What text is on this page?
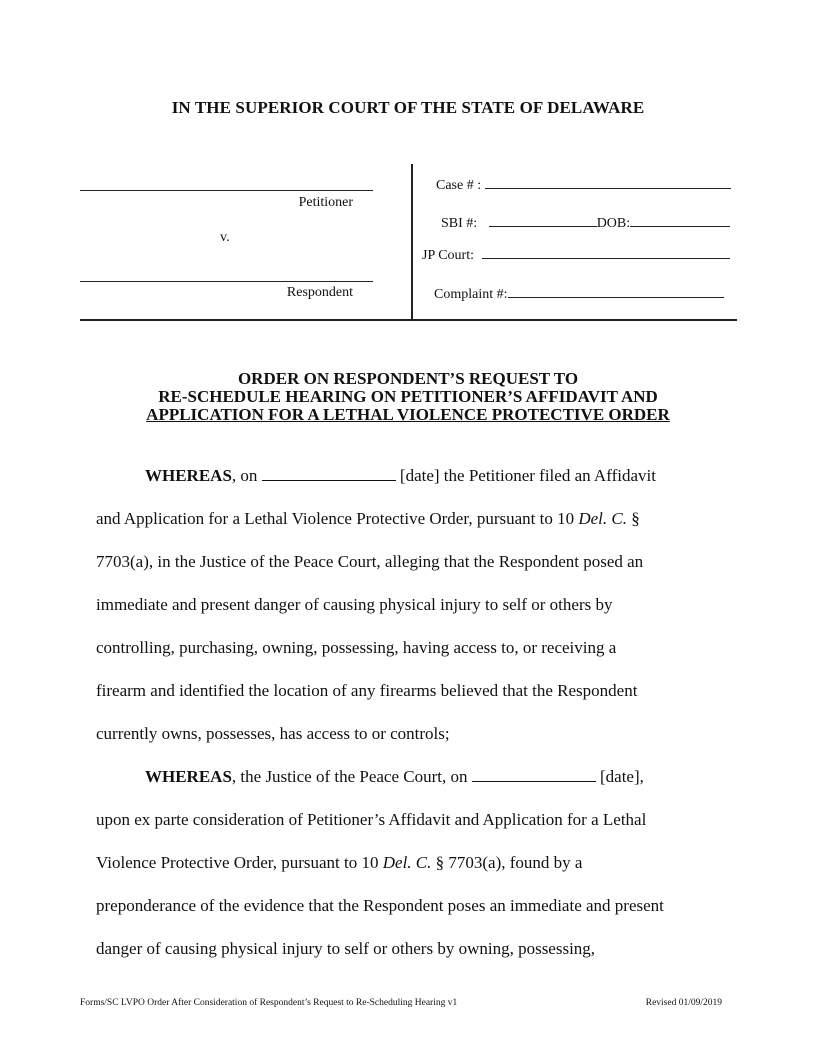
IN THE SUPERIOR COURT OF THE STATE OF DELAWARE
Petitioner
v.
Respondent
Case # :
SBI #:	DOB:
JP Court:
Complaint #:
ORDER ON RESPONDENT’S REQUEST TO
RE-SCHEDULE HEARING ON PETITIONER’S AFFIDAVIT AND
APPLICATION FOR A LETHAL VIOLENCE PROTECTIVE ORDER

WHEREAS, on	[date] the Petitioner filed an Affidavit

and Application for a Lethal Violence Protective Order, pursuant to 10 Del. C. §

7703(a), in the Justice of the Peace Court, alleging that the Respondent posed an

immediate and present danger of causing physical injury to self or others by

controlling, purchasing, owning, possessing, having access to, or receiving a

firearm and identified the location of any firearms believed that the Respondent

currently owns, possesses, has access to or controls;

WHEREAS, the Justice of the Peace Court, on	[date],

upon ex parte consideration of Petitioner’s Affidavit and Application for a Lethal

Violence Protective Order, pursuant to 10 Del. C. § 7703(a), found by a

preponderance of the evidence that the Respondent poses an immediate and present

danger of causing physical injury to self or others by owning, possessing,

Forms/SC LVPO Order After Consideration of Respondent’s Request to Re-Scheduling Hearing v1	Revised 01/09/2019
